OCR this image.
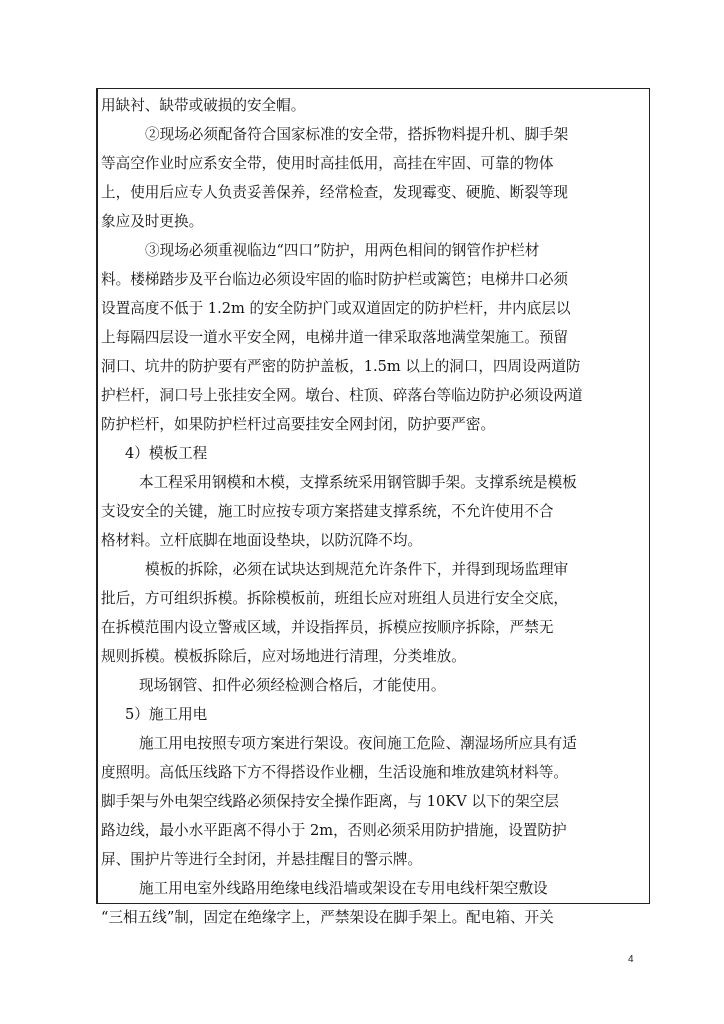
用缺衬、缺带或破损的安全帽。
②现场必须配备符合国家标准的安全带，搭拆物料提升机、脚手架
等高空作业时应系安全带，使用时高挂低用，高挂在牢固、可靠的物体
上，使用后应专人负责妥善保养，经常检查，发现霉变、硬脆、断裂等现
象应及时更换。
③现场必须重视临边“四口”防护，用两色相间的钢管作护栏材
料。楼梯踏步及平台临边必须设牢固的临时防护栏或篱笆；电梯井口必须
设置高度不低于 1.2m 的安全防护门或双道固定的防护栏杆，井内底层以
上每隔四层设一道水平安全网，电梯井道一律采取落地满堂架施工。预留
洞口、坑井的防护要有严密的防护盖板，1.5m 以上的洞口，四周设两道防
护栏杆，洞口号上张挂安全网。墩台、柱顶、碎落台等临边防护必须设两道
防护栏杆，如果防护栏杆过高要挂安全网封闭，防护要严密。
4）模板工程
本工程采用钢模和木模，支撑系统采用钢管脚手架。支撑系统是模板
支设安全的关键，施工时应按专项方案搭建支撑系统，不允许使用不合
格材料。立杆底脚在地面设垫块，以防沉降不均。
模板的拆除，必须在试块达到规范允许条件下，并得到现场监理审
批后，方可组织拆模。拆除模板前，班组长应对班组人员进行安全交底，
在拆模范围内设立警戒区域，并设指挥员，拆模应按顺序拆除，严禁无
规则拆模。模板拆除后，应对场地进行清理，分类堆放。
现场钢管、扣件必须经检测合格后，才能使用。
5）施工用电
施工用电按照专项方案进行架设。夜间施工危险、潮湿场所应具有适
度照明。高低压线路下方不得搭设作业棚，生活设施和堆放建筑材料等。
脚手架与外电架空线路必须保持安全操作距离，与 10KV 以下的架空层
路边线，最小水平距离不得小于 2m，否则必须采用防护措施，设置防护
屏、围护片等进行全封闭，并悬挂醒目的警示牌。
施工用电室外线路用绝缘电线沿墙或架设在专用电线杆架空敷设
“三相五线”制，固定在绝缘字上，严禁架设在脚手架上。配电箱、开关
4
